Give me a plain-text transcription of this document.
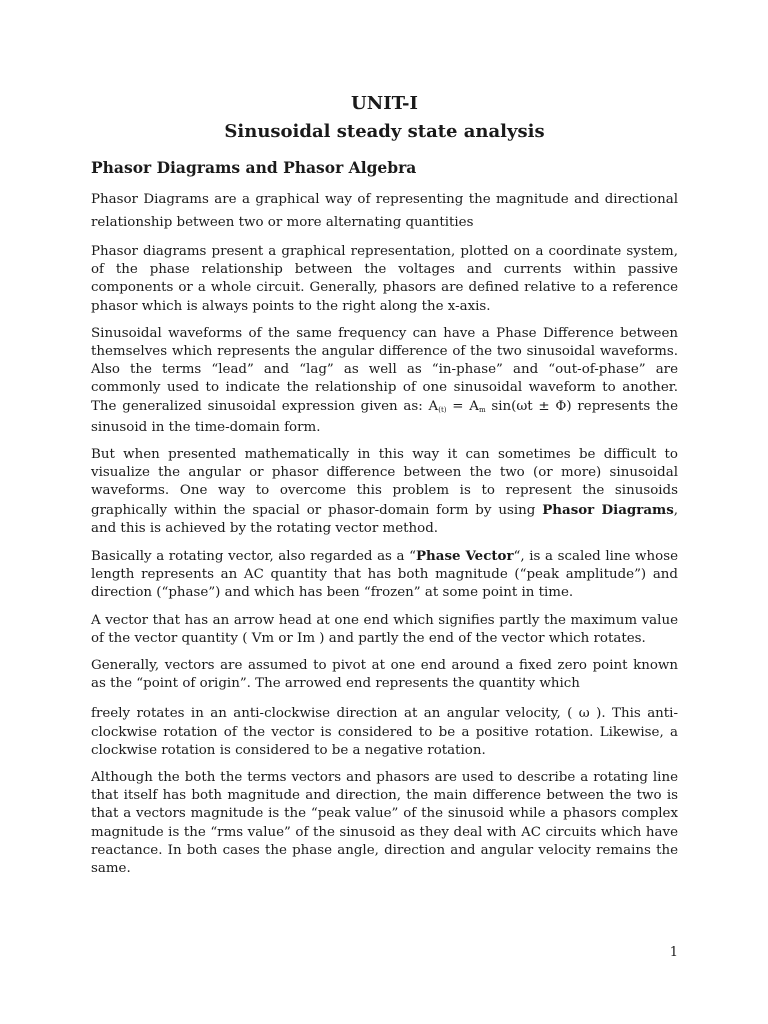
UNIT-I
Sinusoidal steady state analysis
Phasor Diagrams and Phasor Algebra

Phasor Diagrams are a graphical way of representing the magnitude and directional relationship between two or more alternating quantities

Phasor diagrams present a graphical representation, plotted on a coordinate system, of the phase relationship between the voltages and currents within passive components or a whole circuit. Generally, phasors are defined relative to a reference phasor which is always points to the right along the x-axis.

Sinusoidal waveforms of the same frequency can have a Phase Difference between themselves which represents the angular difference of the two sinusoidal waveforms. Also the terms “lead” and “lag” as well as “in-phase” and “out-of-phase” are commonly used to indicate the relationship of one sinusoidal waveform to another. The generalized sinusoidal expression given as: $A_{(t)} = A_m$ sin(ωt ± Φ) represents the sinusoid in the time-domain form.

But when presented mathematically in this way it can sometimes be difficult to visualize the angular or phasor difference between the two (or more) sinusoidal waveforms. One way to overcome this problem is to represent the sinusoids graphically within the spacial or phasor-domain form by using Phasor Diagrams, and this is achieved by the rotating vector method.

Basically a rotating vector, also regarded as a “Phase Vector“, is a scaled line whose length represents an AC quantity that has both magnitude (“peak amplitude”) and direction (“phase”) and which has been “frozen” at some point in time.

A vector that has an arrow head at one end which signifies partly the maximum value of the vector quantity ( Vm or Im ) and partly the end of the vector which rotates.

Generally, vectors are assumed to pivot at one end around a fixed zero point known as the “point of origin”. The arrowed end represents the quantity which

freely rotates in an anti-clockwise direction at an angular velocity, ( ω ). This anti-clockwise rotation of the vector is considered to be a positive rotation. Likewise, a clockwise rotation is considered to be a negative rotation.

Although the both the terms vectors and phasors are used to describe a rotating line that itself has both magnitude and direction, the main difference between the two is that a vectors magnitude is the “peak value” of the sinusoid while a phasors complex magnitude is the “rms value” of the sinusoid as they deal with AC circuits which have reactance. In both cases the phase angle, direction and angular velocity remains the same.

1
